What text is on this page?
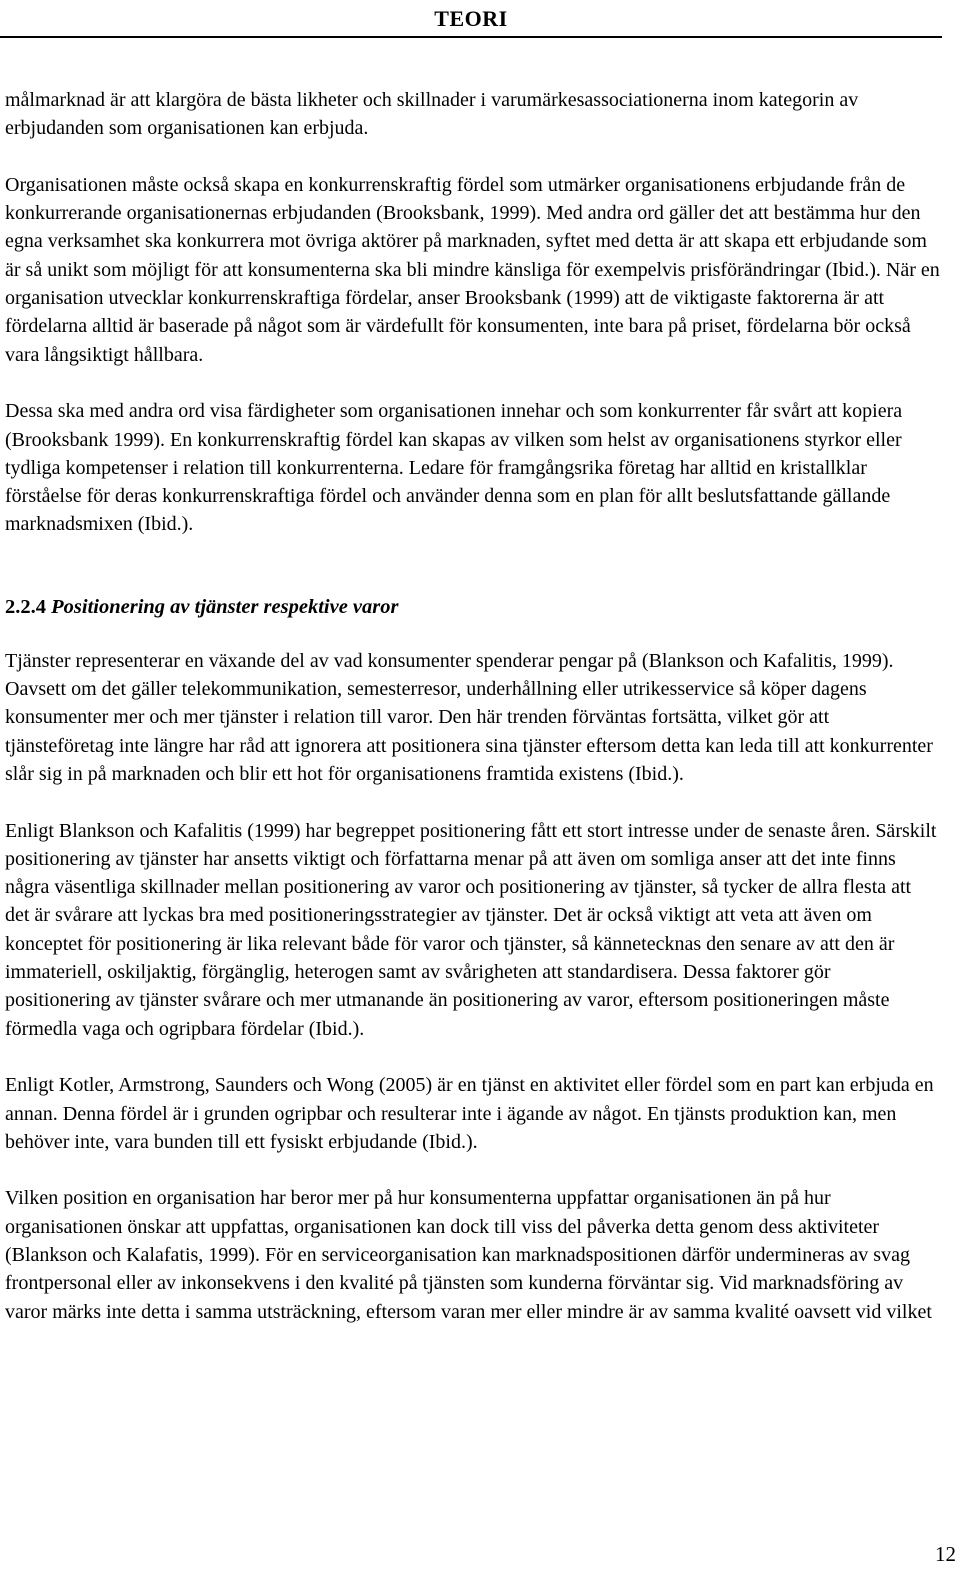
TEORI

målmarknad är att klargöra de bästa likheter och skillnader i varumärkesassociationerna inom kategorin av erbjudanden som organisationen kan erbjuda.

Organisationen måste också skapa en konkurrenskraftig fördel som utmärker organisationens erbjudande från de konkurrerande organisationernas erbjudanden (Brooksbank, 1999). Med andra ord gäller det att bestämma hur den egna verksamhet ska konkurrera mot övriga aktörer på marknaden, syftet med detta är att skapa ett erbjudande som är så unikt som möjligt för att konsumenterna ska bli mindre känsliga för exempelvis prisförändringar (Ibid.). När en organisation utvecklar konkurrenskraftiga fördelar, anser Brooksbank (1999) att de viktigaste faktorerna är att fördelarna alltid är baserade på något som är värdefullt för konsumenten, inte bara på priset, fördelarna bör också vara långsiktigt hållbara.

Dessa ska med andra ord visa färdigheter som organisationen innehar och som konkurrenter får svårt att kopiera (Brooksbank 1999). En konkurrenskraftig fördel kan skapas av vilken som helst av organisationens styrkor eller tydliga kompetenser i relation till konkurrenterna. Ledare för framgångsrika företag har alltid en kristallklar förståelse för deras konkurrenskraftiga fördel och använder denna som en plan för allt beslutsfattande gällande marknadsmixen (Ibid.).

2.2.4 Positionering av tjänster respektive varor

Tjänster representerar en växande del av vad konsumenter spenderar pengar på (Blankson och Kafalitis, 1999). Oavsett om det gäller telekommunikation, semesterresor, underhållning eller utrikesservice så köper dagens konsumenter mer och mer tjänster i relation till varor. Den här trenden förväntas fortsätta, vilket gör att tjänsteföretag inte längre har råd att ignorera att positionera sina tjänster eftersom detta kan leda till att konkurrenter slår sig in på marknaden och blir ett hot för organisationens framtida existens (Ibid.).

Enligt Blankson och Kafalitis (1999) har begreppet positionering fått ett stort intresse under de senaste åren. Särskilt positionering av tjänster har ansetts viktigt och författarna menar på att även om somliga anser att det inte finns några väsentliga skillnader mellan positionering av varor och positionering av tjänster, så tycker de allra flesta att det är svårare att lyckas bra med positioneringsstrategier av tjänster. Det är också viktigt att veta att även om konceptet för positionering är lika relevant både för varor och tjänster, så kännetecknas den senare av att den är immateriell, oskiljaktig, förgänglig, heterogen samt av svårigheten att standardisera. Dessa faktorer gör positionering av tjänster svårare och mer utmanande än positionering av varor, eftersom positioneringen måste förmedla vaga och ogripbara fördelar (Ibid.).

Enligt Kotler, Armstrong, Saunders och Wong (2005) är en tjänst en aktivitet eller fördel som en part kan erbjuda en annan. Denna fördel är i grunden ogripbar och resulterar inte i ägande av något. En tjänsts produktion kan, men behöver inte, vara bunden till ett fysiskt erbjudande (Ibid.).

Vilken position en organisation har beror mer på hur konsumenterna uppfattar organisationen än på hur organisationen önskar att uppfattas, organisationen kan dock till viss del påverka detta genom dess aktiviteter (Blankson och Kalafatis, 1999). För en serviceorganisation kan marknadspositionen därför undermineras av svag frontpersonal eller av inkonsekvens i den kvalité på tjänsten som kunderna förväntar sig. Vid marknadsföring av varor märks inte detta i samma utsträckning, eftersom varan mer eller mindre är av samma kvalité oavsett vid vilket

12
